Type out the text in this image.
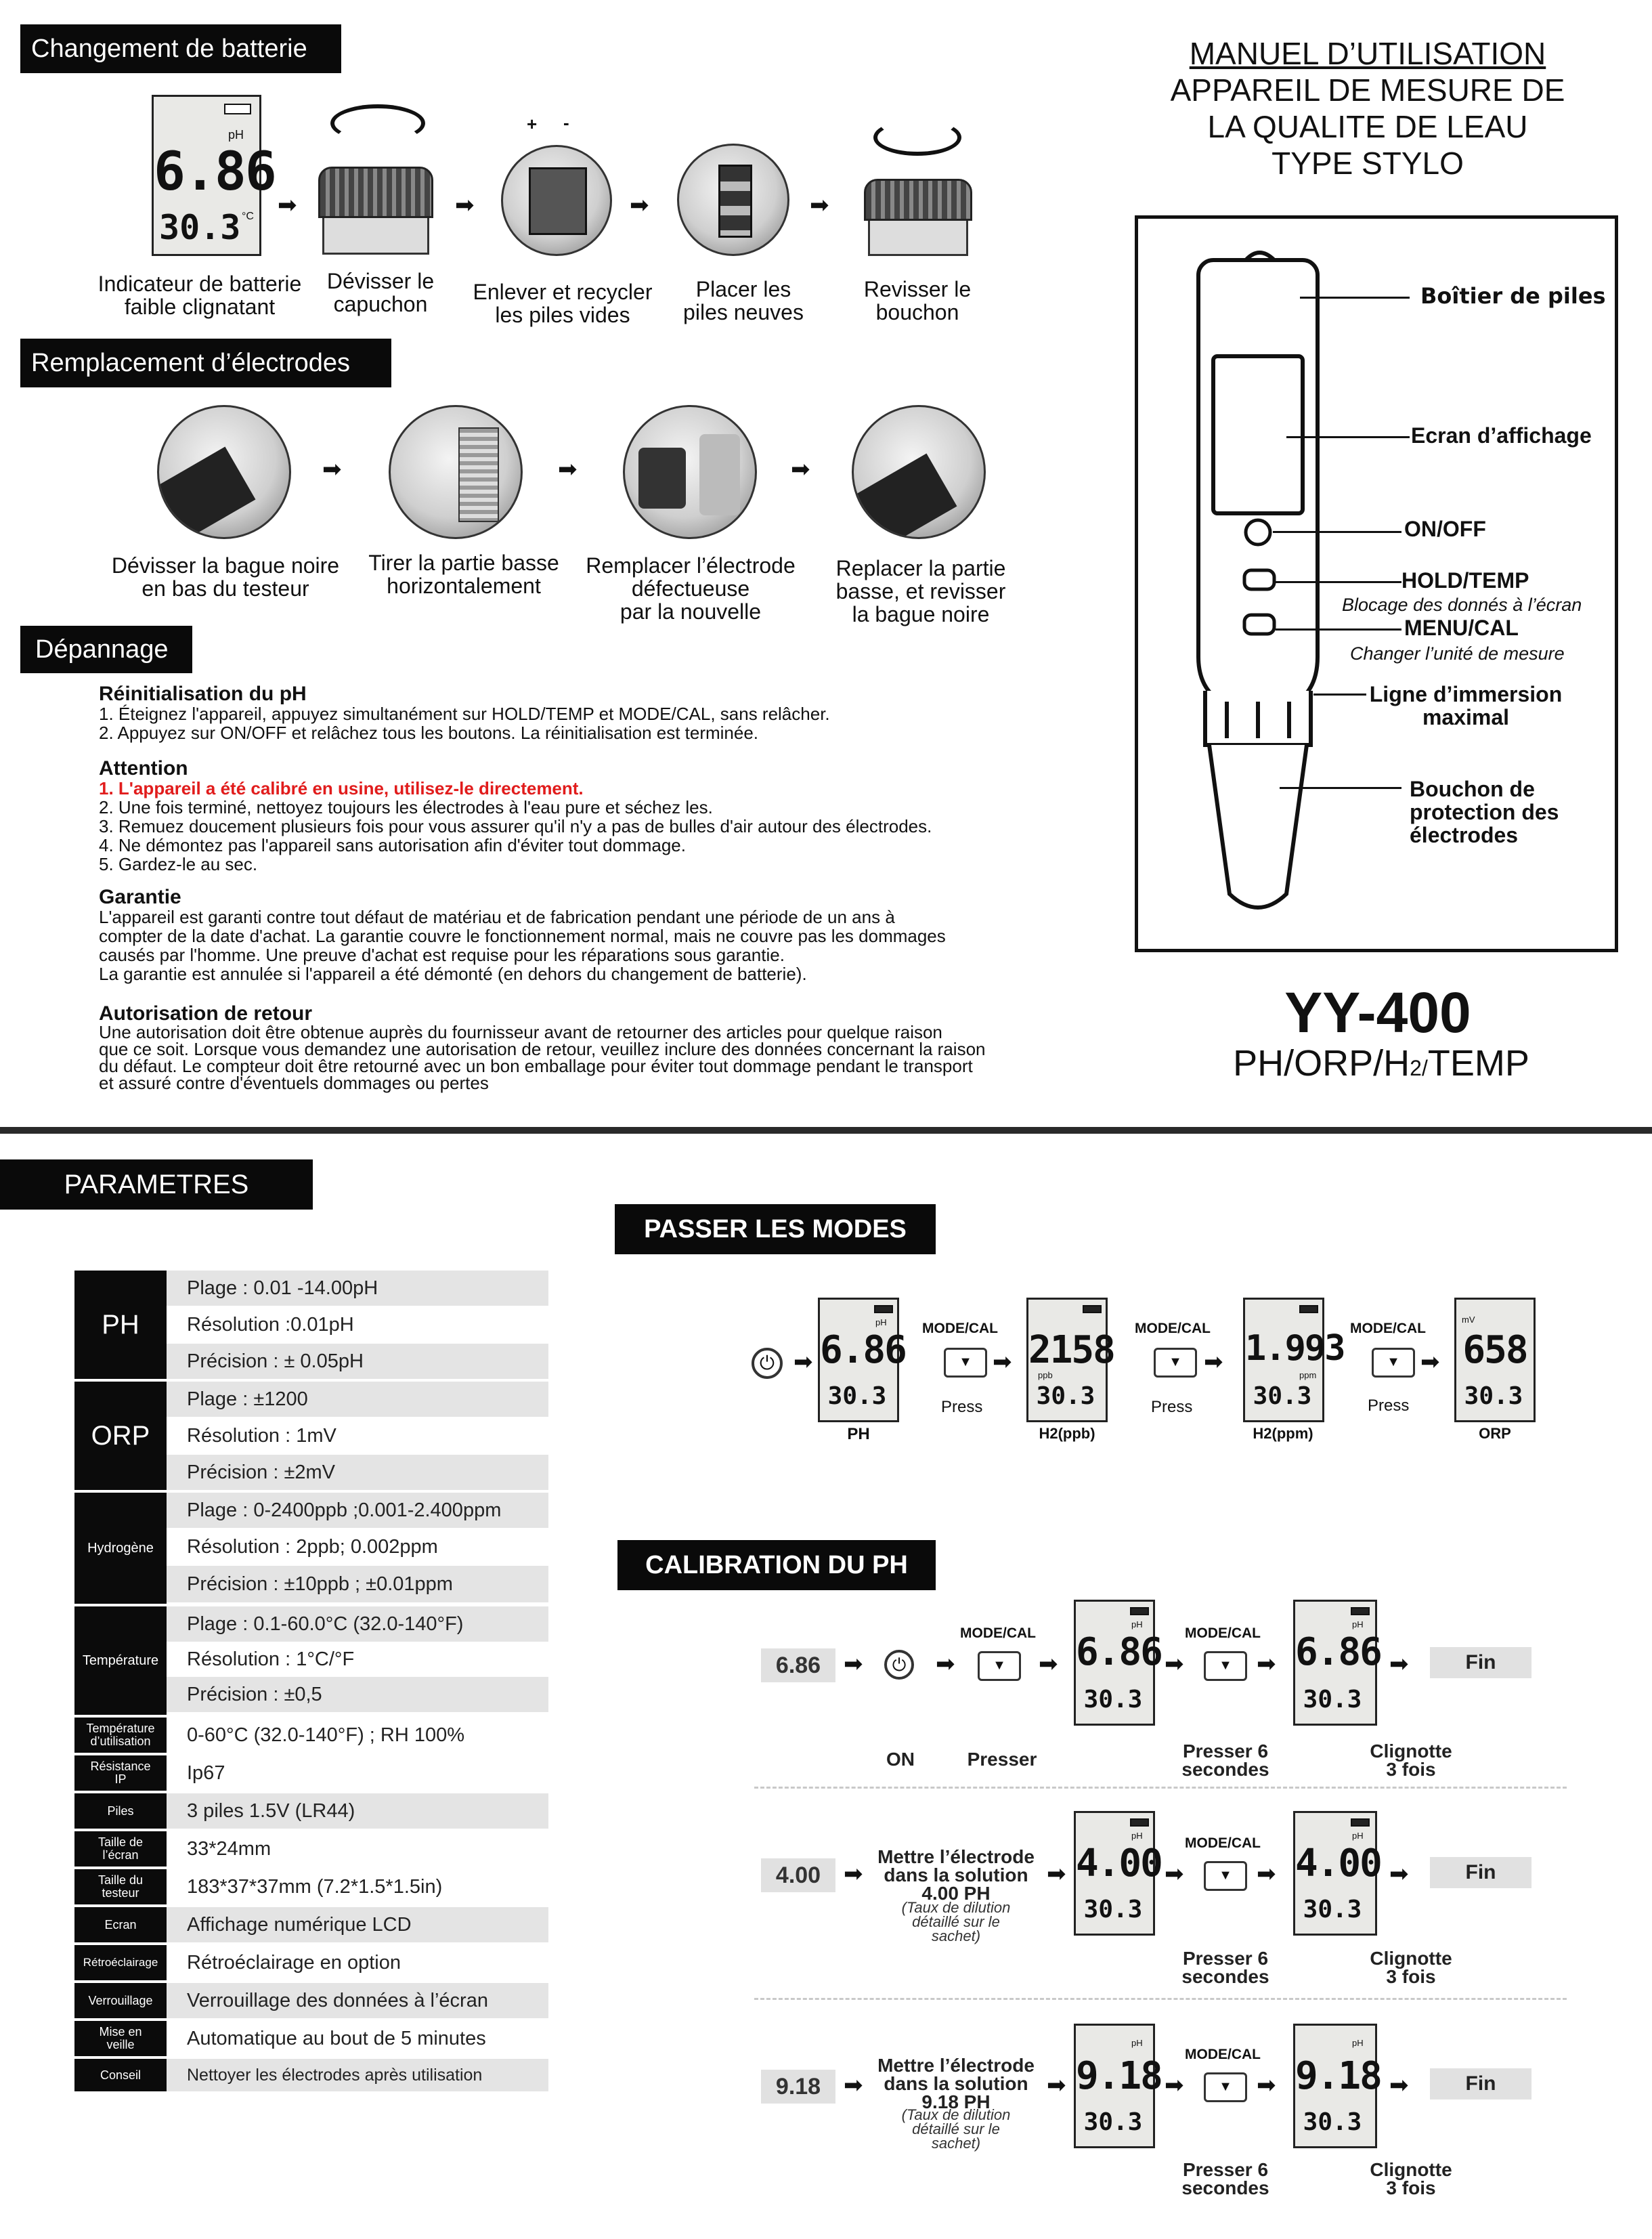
Changement de batterie
pH
6.86
30.3 °C ➡	➡
+ -
➡	➡
Indicateur de batterie
faible clignatant
Dévisser le
capuchon	Enlever et recycler
les piles vides
Placer les
piles neuves
Revisser le
bouchon
Remplacement d’électrodes
➡	➡	➡
Dévisser la bague noire
en bas du testeur
Tirer la partie basse
horizontalement
Remplacer l’électrode
défectueuse
par la nouvelle
Replacer la partie
basse, et revisser
la bague noire
Dépannage
Réinitialisation du pH
1. Éteignez l'appareil, appuyez simultanément sur HOLD/TEMP et MODE/CAL, sans relâcher.
2. Appuyez sur ON/OFF et relâchez tous les boutons. La réinitialisation est terminée.
Attention
1. L'appareil a été calibré en usine, utilisez-le directement.
2. Une fois terminé, nettoyez toujours les électrodes à l'eau pure et séchez les.
3. Remuez doucement plusieurs fois pour vous assurer qu'il n'y a pas de bulles d'air autour des électrodes.
4. Ne démontez pas l'appareil sans autorisation afin d'éviter tout dommage.
5. Gardez-le au sec.
Garantie
L'appareil est garanti contre tout défaut de matériau et de fabrication pendant une période de un ans à
compter de la date d'achat. La garantie couvre le fonctionnement normal, mais ne couvre pas les dommages
causés par l'homme. Une preuve d'achat est requise pour les réparations sous garantie.
La garantie est annulée si l'appareil a été démonté (en dehors du changement de batterie).
Autorisation de retour
Une autorisation doit être obtenue auprès du fournisseur avant de retourner des articles pour quelque raison
que ce soit. Lorsque vous demandez une autorisation de retour, veuillez inclure des données concernant la raison
du défaut. Le compteur doit être retourné avec un bon emballage pour éviter tout dommage pendant le transport
et assuré contre d'éventuels dommages ou pertes
MANUEL D’UTILISATION
APPAREIL DE MESURE DE
LA QUALITE DE LEAU
TYPE STYLO
Boîtier de piles
Ecran d’affichage
ON/OFF
HOLD/TEMP
Blocage des donnés à l’écran
MENU/CAL
Changer l’unité de mesure
Ligne d’immersion
maximal
Bouchon de
protection des
électrodes
YY-400
PH/ORP/H2/TEMP
PARAMETRES
PH
Plage : 0.01 -14.00pH
Résolution :0.01pH
Précision : ± 0.05pH
ORP
Plage : ±1200
Résolution : 1mV
Précision : ±2mV
Hydrogène
Plage : 0-2400ppb ;0.001-2.400ppm
Résolution : 2ppb; 0.002ppm
Précision : ±10ppb ; ±0.01ppm
Température
Plage : 0.1-60.0°C (32.0-140°F)
Résolution : 1°C/°F
Précision : ±0,5
Température
d’utilisation	0-60°C (32.0-140°F) ; RH 100%
Résistance
IP	Ip67
Piles	3 piles 1.5V (LR44)
Taille de
l’écran	33*24mm
Taille du
testeur	183*37*37mm (7.2*1.5*1.5in)
Ecran	Affichage numérique LCD
Rétroéclairage	Rétroéclairage en option
Verrouillage	Verrouillage des données à l’écran
Mise en
veille	Automatique au bout de 5 minutes
Conseil	Nettoyer les électrodes après utilisation
PASSER LES MODES
⏻ ➡
pH
6.86
30.3
PH
MODE/CAL
▼ ➡
Press
2158
ppb
30.3
H2(ppb)
MODE/CAL
▼ ➡
Press
1.993
ppm
30.3
H2(ppm)
MODE/CAL
▼ ➡
Press
mV
658
30.3
ORP
CALIBRATION DU PH
6.86 ➡	⏻	➡
MODE/CAL
▼	➡
pH
6.86
30.3
➡
MODE/CAL
▼	➡
pH
6.86
30.3
➡	Fin
ON	Presser	Presser 6
secondes
Clignotte
3 fois
4.00 ➡
Mettre l’électrode
dans la solution
4.00 PH
(Taux de dilution
détaillé sur le
sachet)
➡
pH
4.00
30.3
➡
MODE/CAL
▼	➡
pH
4.00
30.3
➡	Fin
Presser 6
secondes
Clignotte
3 fois
9.18 ➡
Mettre l’électrode
dans la solution
9.18 PH
(Taux de dilution
détaillé sur le
sachet)
➡
pH
9.18
30.3
➡
MODE/CAL
▼	➡
pH
9.18
30.3
➡	Fin
Presser 6
secondes
Clignotte
3 fois
